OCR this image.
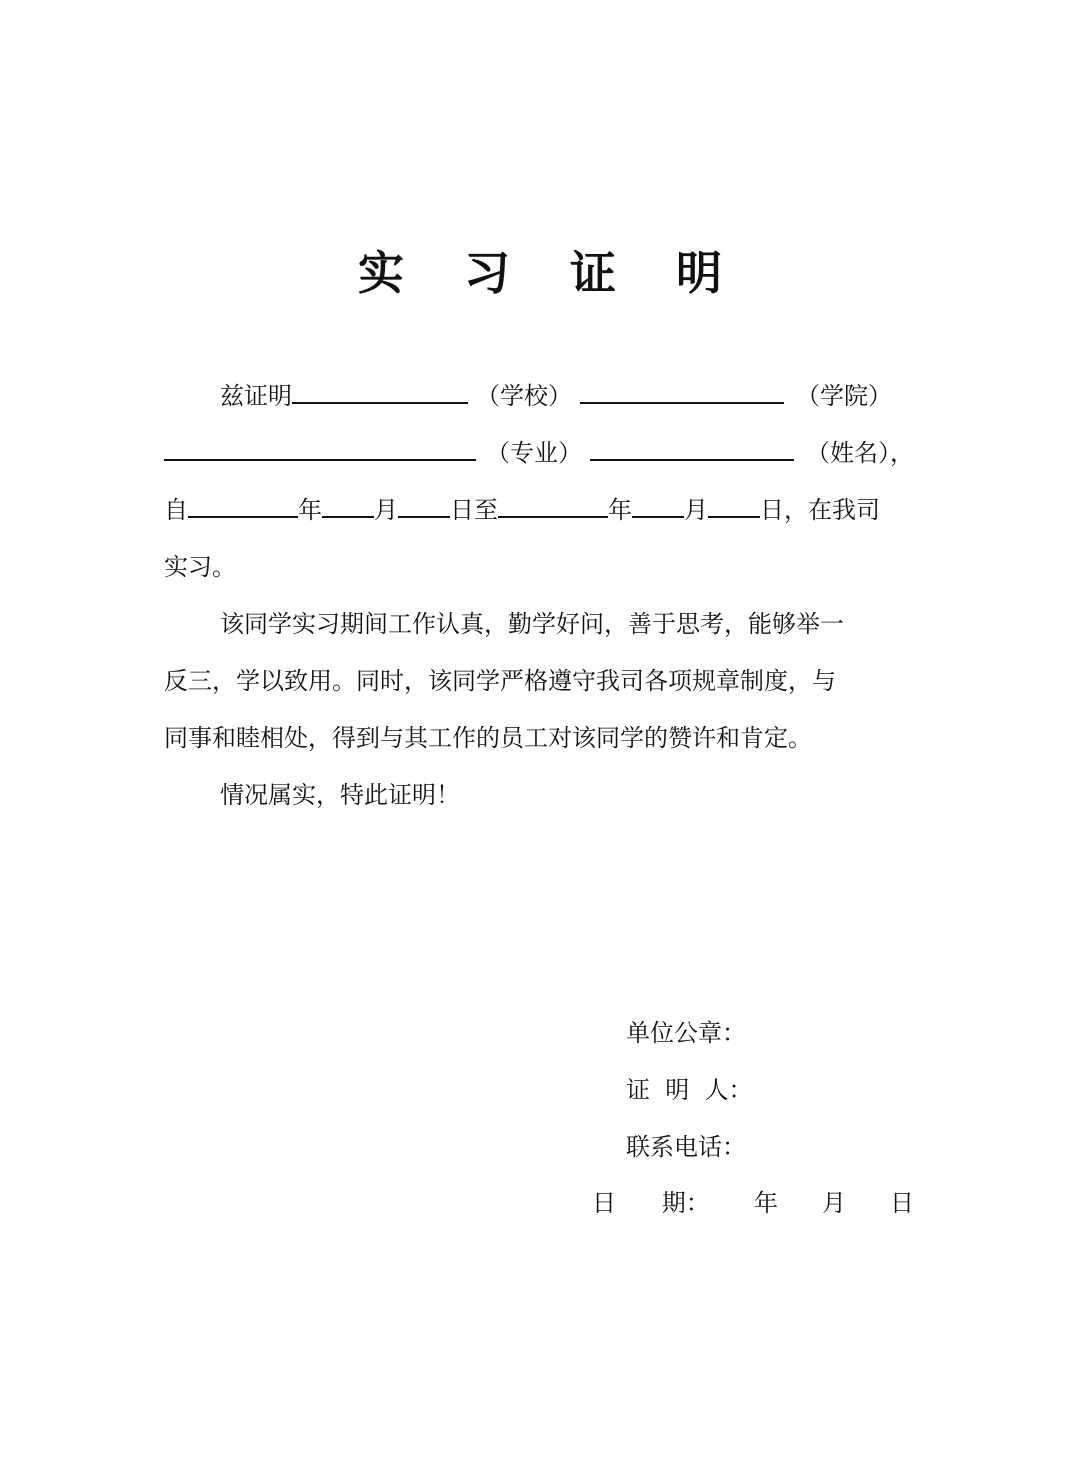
实 习 证 明
兹证明	（学校）	（学院）
（专业）	（姓名），
自	年 月 日至	年 月 日，在我司
实习。
该同学实习期间工作认真，勤学好问，善于思考，能够举一
反三，学以致用。同时，该同学严格遵守我司各项规章制度，与
同事和睦相处，得到与其工作的员工对该同学的赞许和肯定。
情况属实，特此证明！
单位公章：
证  明  人：
联系电话：
日      期： 年 月 日
